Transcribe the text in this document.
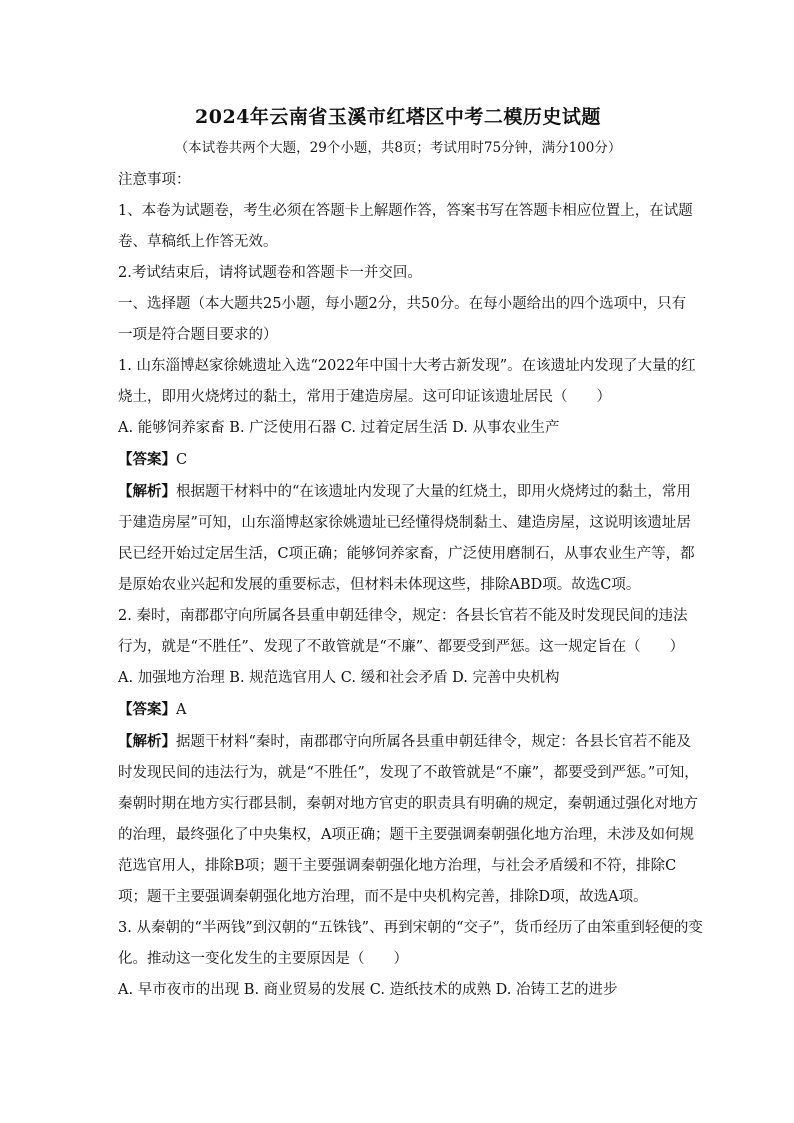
2024年云南省玉溪市红塔区中考二模历史试题

（本试卷共两个大题，29个小题，共8页；考试用时75分钟，满分100分）

注意事项：

1、本卷为试题卷，考生必须在答题卡上解题作答，答案书写在答题卡相应位置上，在试题

卷、草稿纸上作答无效。

2.考试结束后，请将试题卷和答题卡一并交回。

一、选择题（本大题共25小题，每小题2分，共50分。在每小题给出的四个选项中，只有

一项是符合题目要求的）

1. 山东淄博赵家徐姚遗址入选“2022年中国十大考古新发现”。在该遗址内发现了大量的红

烧土，即用火烧烤过的黏土，常用于建造房屋。这可印证该遗址居民（　　）

A. 能够饲养家畜 B. 广泛使用石器 C. 过着定居生活 D. 从事农业生产

【答案】C

【解析】根据题干材料中的“在该遗址内发现了大量的红烧土，即用火烧烤过的黏土，常用

于建造房屋”可知，山东淄博赵家徐姚遗址已经懂得烧制黏土、建造房屋，这说明该遗址居

民已经开始过定居生活，C项正确；能够饲养家畜，广泛使用磨制石，从事农业生产等，都

是原始农业兴起和发展的重要标志，但材料未体现这些，排除ABD项。故选C项。

2. 秦时，南郡郡守向所属各县重申朝廷律令，规定：各县长官若不能及时发现民间的违法

行为，就是“不胜任”、发现了不敢管就是“不廉”、都要受到严惩。这一规定旨在（　　）

A. 加强地方治理 B. 规范选官用人 C. 缓和社会矛盾 D. 完善中央机构

【答案】A

【解析】据题干材料“秦时，南郡郡守向所属各县重申朝廷律令，规定：各县长官若不能及

时发现民间的违法行为，就是“不胜任”，发现了不敢管就是“不廉”，都要受到严惩。”可知，

秦朝时期在地方实行郡县制，秦朝对地方官吏的职责具有明确的规定，秦朝通过强化对地方

的治理，最终强化了中央集权，A项正确；题干主要强调秦朝强化地方治理，未涉及如何规

范选官用人，排除B项；题干主要强调秦朝强化地方治理，与社会矛盾缓和不符，排除C

项；题干主要强调秦朝强化地方治理，而不是中央机构完善，排除D项，故选A项。

3. 从秦朝的“半两钱”到汉朝的“五铢钱”、再到宋朝的“交子”，货币经历了由笨重到轻便的变

化。推动这一变化发生的主要原因是（　　）

A. 早市夜市的出现 B. 商业贸易的发展 C. 造纸技术的成熟 D. 冶铸工艺的进步
